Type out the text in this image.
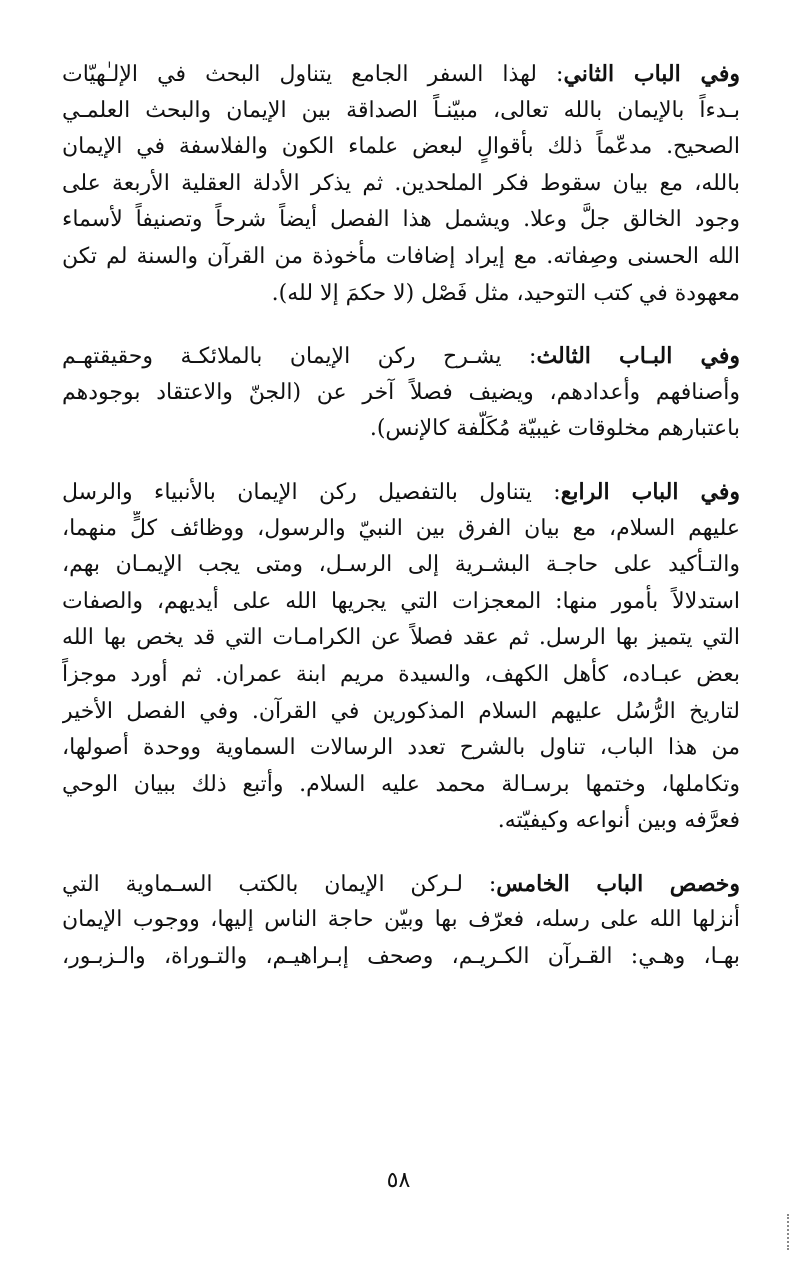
وفي الباب الثاني: لهذا السفر الجامع يتناول البحث في الإلـٰهيّات
بـدءاً بالإيمان بالله تعالى، مبيّنـاً الصداقة بين الإيمان والبحث العلمـي
الصحيح. مدعّماً ذلك بأقوالٍ لبعض علماء الكون والفلاسفة في الإيمان
بالله، مع بيان سقوط فكر الملحدين. ثم يذكر الأدلة العقلية الأربعة على
وجود الخالق جلَّ وعلا. ويشمل هذا الفصل أيضاً شرحاً وتصنيفاً لأسماء
الله الحسنى وصِفاته. مع إيراد إضافات مأخوذة من القرآن والسنة لم تكن
معهودة في كتب التوحيد، مثل فَصْل (لا حكمَ إلا لله).
وفي البـاب الثالث: يشـرح ركن الإيمان بالملائكـة وحقيقتهـم
وأصنافهم وأعدادهم، ويضيف فصلاً آخر عن (الجنّ والاعتقاد بوجودهم
باعتبارهم مخلوقات غيبيّة مُكَلَّفة كالإنس).
وفي الباب الرابع: يتناول بالتفصيل ركن الإيمان بالأنبياء والرسل
عليهم السلام، مع بيان الفرق بين النبيّ والرسول، ووظائف كلٍّ منهما،
والتـأكيد على حاجـة البشـرية إلى الرسـل، ومتى يجب الإيمـان بهم،
استدلالاً بأمور منها: المعجزات التي يجريها الله على أيديهم، والصفات
التي يتميز بها الرسل. ثم عقد فصلاً عن الكرامـات التي قد يخص بها الله
بعض عبـاده، كأهل الكهف، والسيدة مريم ابنة عمران. ثم أورد موجزاً
لتاريخ الرُّسُل عليهم السلام المذكورين في القرآن. وفي الفصل الأخير
من هذا الباب، تناول بالشرح تعدد الرسالات السماوية ووحدة أصولها،
وتكاملها، وختمها برسـالة محمد عليه السلام. وأتبع ذلك ببيان الوحي
فعرَّفه وبين أنواعه وكيفيّته.
وخصص الباب الخامس: لـركن الإيمان بالكتب السـماوية التي
أنزلها الله على رسله، فعرّف بها وبيّن حاجة الناس إليها، ووجوب الإيمان
بهـا، وهـي: القـرآن الكـريـم، وصحف إبـراهيـم، والتـوراة، والـزبـور،
٥٨
